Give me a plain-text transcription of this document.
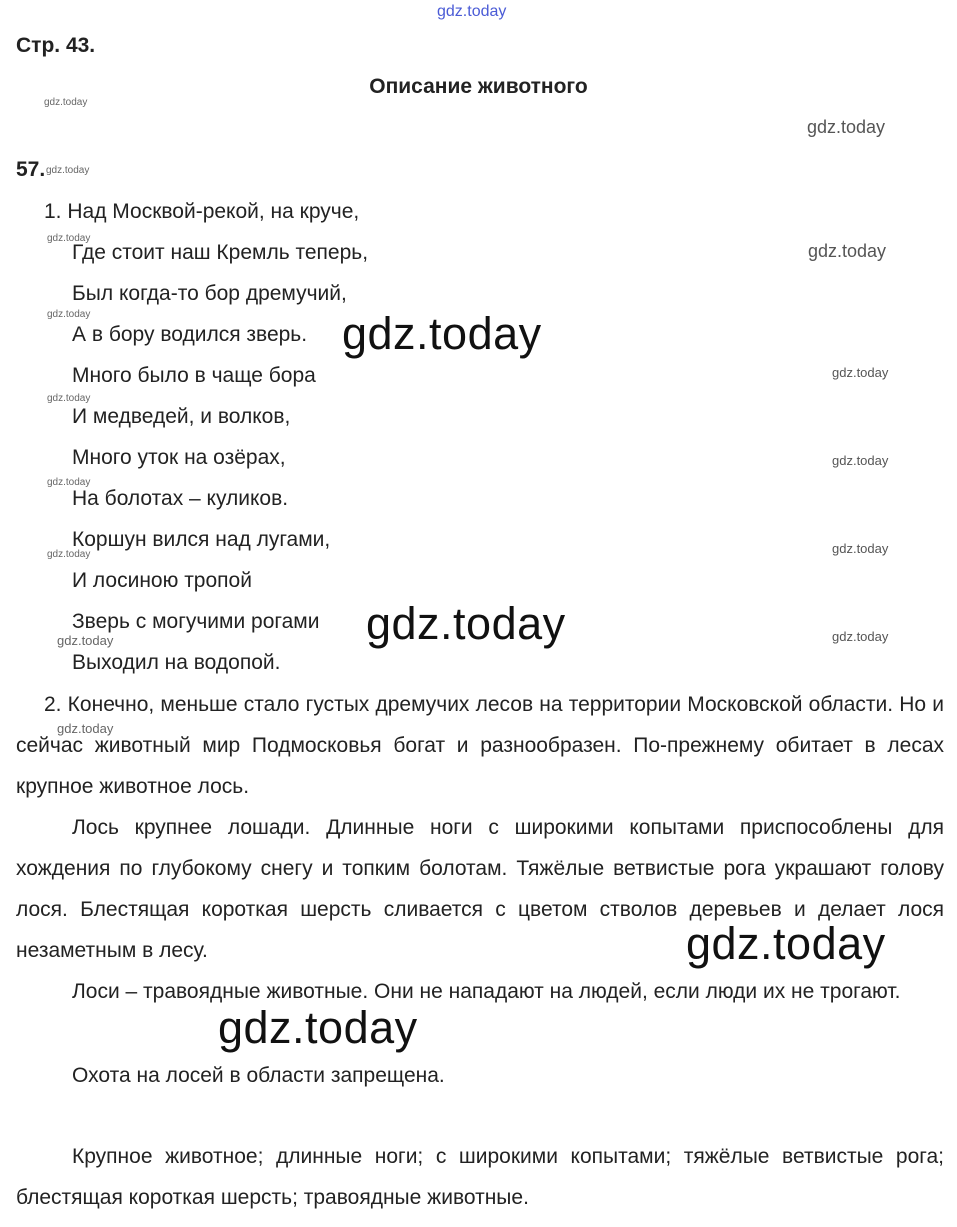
gdz.today
Стр. 43.
Описание животного
57.
1. Над Москвой-рекой, на круче,
Где стоит наш Кремль теперь,
Был когда-то бор дремучий,
А в бору водился зверь.
Много было в чаще бора
И медведей, и волков,
Много уток на озёрах,
На болотах – куликов.
Коршун вился над лугами,
И лосиною тропой
Зверь с могучими рогами
Выходил на водопой.
2. Конечно, меньше стало густых дремучих лесов на территории Московской области. Но и сейчас животный мир Подмосковья богат и разнообразен. По-прежнему обитает в лесах крупное животное лось.
Лось крупнее лошади. Длинные ноги с широкими копытами приспособлены для хождения по глубокому снегу и топким болотам. Тяжёлые ветвистые рога украшают голову лося. Блестящая короткая шерсть сливается с цветом стволов деревьев и делает лося незаметным в лесу.
Лоси – травоядные животные. Они не нападают на людей, если люди их не трогают.
Охота на лосей в области запрещена.
Крупное животное; длинные ноги; с широкими копытами; тяжёлые ветвистые рога; блестящая короткая шерсть; травоядные животные.
gdz.today
gdz.today
gdz.today
gdz.today
gdz.today
gdz.today
gdz.today
gdz.today
gdz.today
gdz.today
gdz.today
gdz.today
gdz.today
gdz.today
gdz.today
gdz.today
gdz.today
gdz.today
gdz.today
